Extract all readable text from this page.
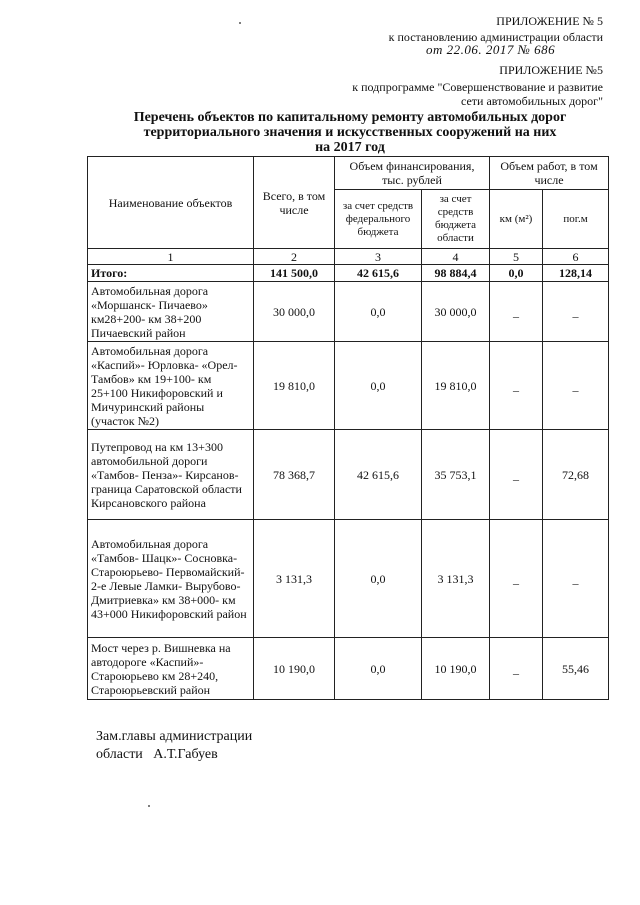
ПРИЛОЖЕНИЕ № 5
к постановлению администрации области
от 22.06. 2017 № 686
ПРИЛОЖЕНИЕ №5
к подпрограмме "Совершенствование и развитие
сети автомобильных дорог"
Перечень объектов по капитальному ремонту автомобильных дорог
территориального значения и искусственных сооружений на них
на 2017 год
Наименование объектов	Всего, в том числе	Объем финансирования, тыс. рублей		Объем работ, в том числе	
		за счет средств федерального бюджета	за счет средств бюджета области	км (м²)	пог.м
1	2	3	4	5	6
Итого:	141 500,0	42 615,6	98 884,4	0,0	128,14
Автомобильная дорога «Моршанск- Пичаево» км28+200- км 38+200 Пичаевский район	30 000,0	0,0	30 000,0	_	_
Автомобильная дорога «Каспий»- Юрловка- «Орел- Тамбов» км 19+100- км 25+100 Никифоровский и Мичуринский районы (участок №2)	19 810,0	0,0	19 810,0	_	_
Путепровод на км 13+300 автомобильной дороги «Тамбов- Пенза»- Кирсанов- граница Саратовской области Кирсановского района	78 368,7	42 615,6	35 753,1	_	72,68
Автомобильная дорога «Тамбов- Шацк»- Сосновка- Староюрьево- Первомайский- 2-е Левые Ламки- Вырубово- Дмитриевка» км 38+000- км 43+000 Никифоровский район	3 131,3	0,0	3 131,3	_	_
Мост через р. Вишневка на автодороге «Каспий»- Староюрьево км 28+240, Староюрьевский район	10 190,0	0,0	10 190,0	_	55,46
Зам.главы администрации
области   А.Т.Габуев
